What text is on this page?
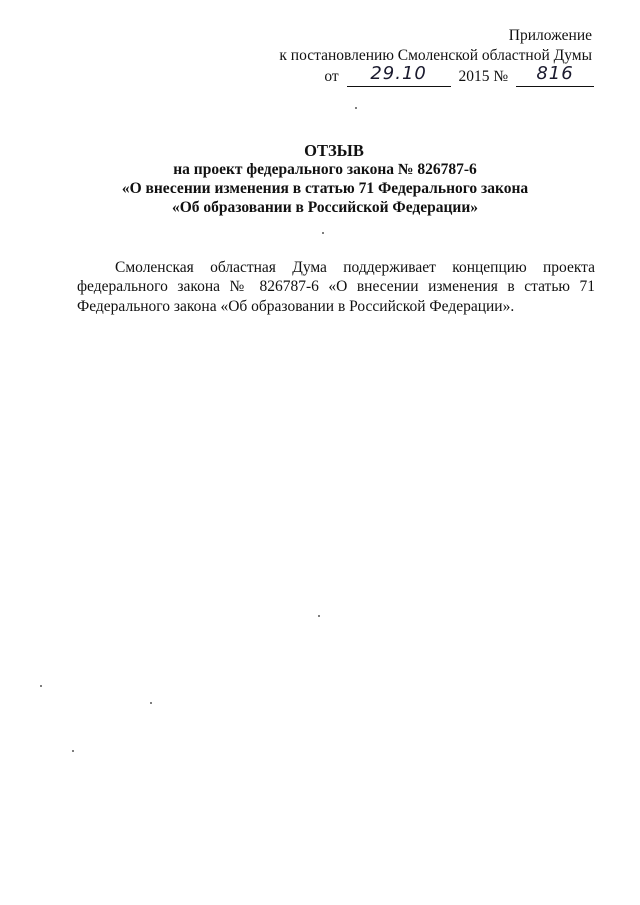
Приложение
к постановлению Смоленской областной Думы
от 29.10 2015 № 816
ОТЗЫВ
на проект федерального закона № 826787-6
«О внесении изменения в статью 71 Федерального закона
«Об образовании в Российской Федерации»

Смоленская областная Дума поддерживает концепцию проекта федерального закона № 826787-6 «О внесении изменения в статью 71 Федерального закона «Об образовании в Российской Федерации».
